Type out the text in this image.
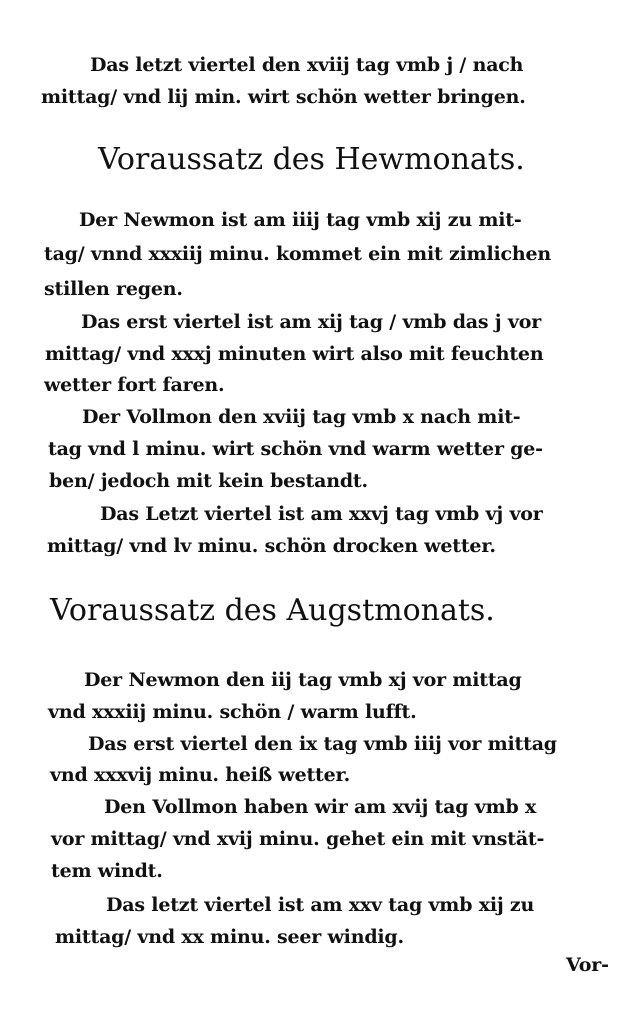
Das letzt viertel den xviij tag vmb j / nach
mittag/ vnd lij min. wirt schön wetter bringen.
Voraussatz des Hewmonats.
Der Newmon ist am iiij tag vmb xij zu mit-
tag/ vnnd xxxiij minu. kommet ein mit zimlichen
stillen regen.
Das erst viertel ist am xij tag / vmb das j vor
mittag/ vnd xxxj minuten wirt also mit feuchten
wetter fort faren.
Der Vollmon den xviij tag vmb x nach mit-
tag vnd l minu. wirt schön vnd warm wetter ge-
ben/ jedoch mit kein bestandt.
Das Letzt viertel ist am xxvj tag vmb vj vor
mittag/ vnd lv minu. schön drocken wetter.
Voraussatz des Augstmonats.
Der Newmon den iij tag vmb xj vor mittag
vnd xxxiij minu. schön / warm lufft.
Das erst viertel den ix tag vmb iiij vor mittag
vnd xxxvij minu. heiß wetter.
Den Vollmon haben wir am xvij tag vmb x
vor mittag/ vnd xvij minu. gehet ein mit vnstät-
tem windt.
Das letzt viertel ist am xxv tag vmb xij zu
mittag/ vnd xx minu. seer windig.
Vor-
